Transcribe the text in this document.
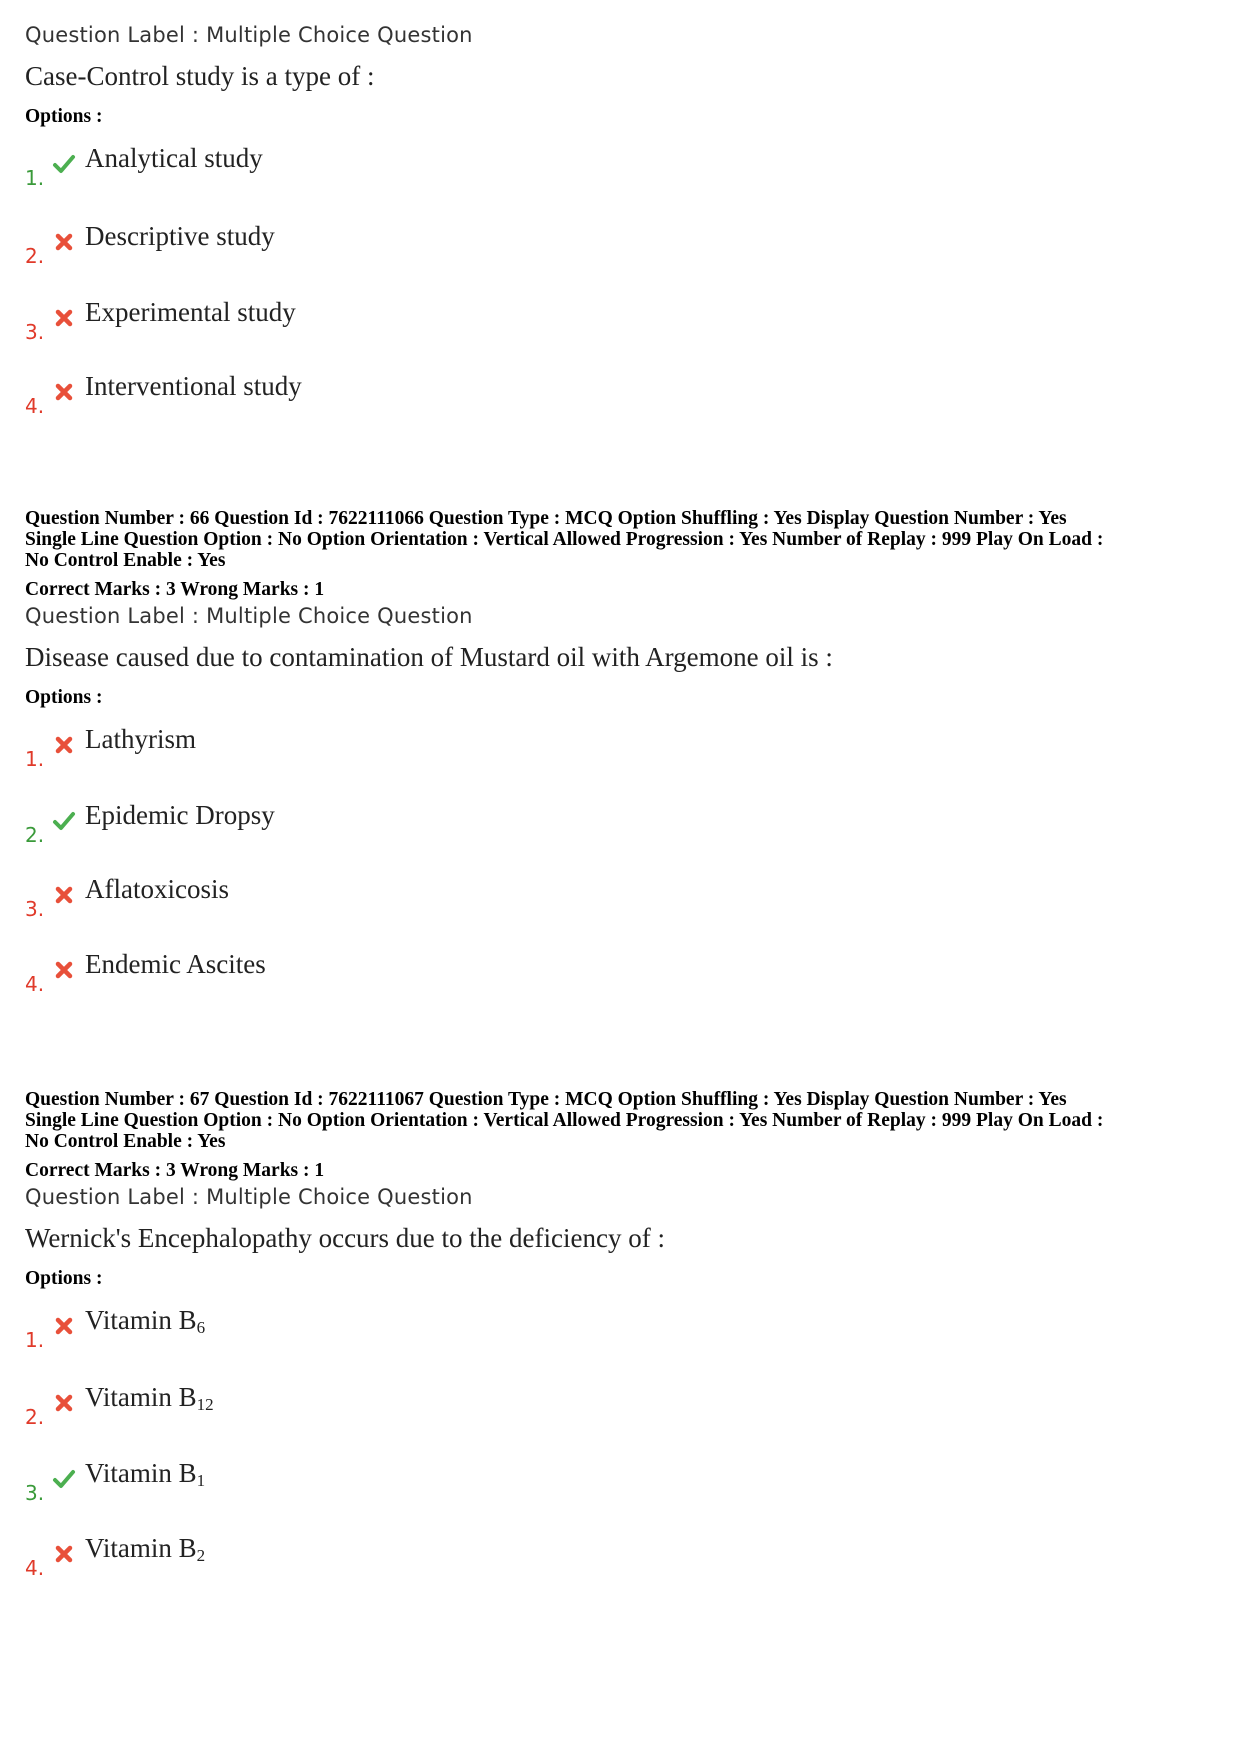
Question Label : Multiple Choice Question
Case-Control study is a type of :
Options :
1.
Analytical study
2.
Descriptive study
3.
Experimental study
4.
Interventional study

Question Number : 66 Question Id : 7622111066 Question Type : MCQ Option Shuffling : Yes Display Question Number : Yes

Single Line Question Option : No Option Orientation : Vertical Allowed Progression : Yes Number of Replay : 999 Play On Load :

No Control Enable : Yes

Correct Marks : 3 Wrong Marks : 1
Question Label : Multiple Choice Question
Disease caused due to contamination of Mustard oil with Argemone oil is :
Options :
1.
Lathyrism
2.
Epidemic Dropsy
3.
Aflatoxicosis
4.
Endemic Ascites

Question Number : 67 Question Id : 7622111067 Question Type : MCQ Option Shuffling : Yes Display Question Number : Yes

Single Line Question Option : No Option Orientation : Vertical Allowed Progression : Yes Number of Replay : 999 Play On Load :

No Control Enable : Yes

Correct Marks : 3 Wrong Marks : 1
Question Label : Multiple Choice Question
Wernick's Encephalopathy occurs due to the deficiency of :
Options :
1.
Vitamin $B_6$
2.
Vitamin $B_{12}$
3.
Vitamin $B_1$
4.
Vitamin $B_2$
